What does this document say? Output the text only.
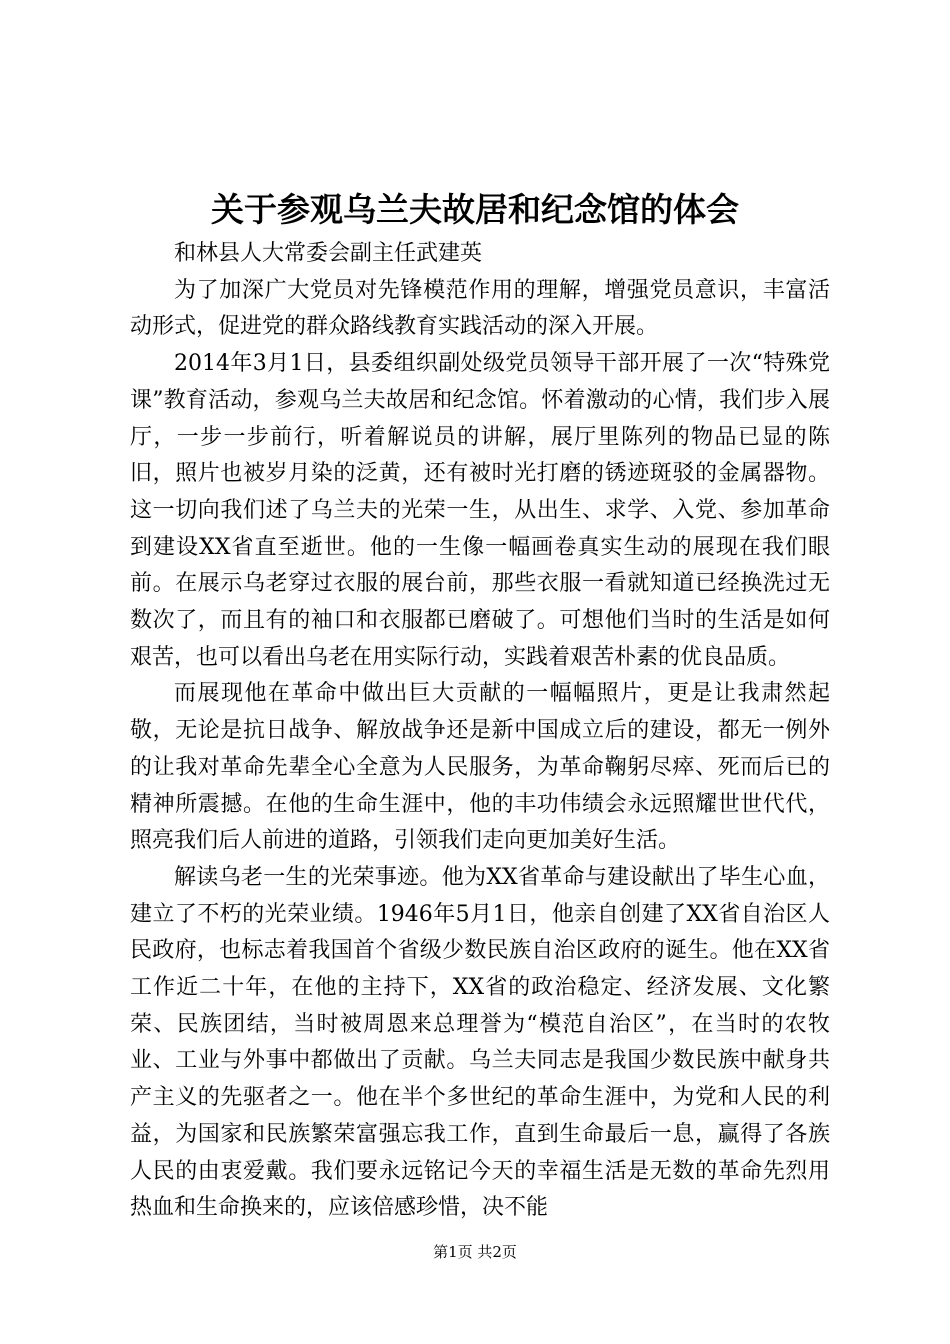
关于参观乌兰夫故居和纪念馆的体会

和林县人大常委会副主任武建英

为了加深广大党员对先锋模范作用的理解，增强党员意识，丰富活动形式，促进党的群众路线教育实践活动的深入开展。

2014年3月1日，县委组织副处级党员领导干部开展了一次“特殊党课”教育活动，参观乌兰夫故居和纪念馆。怀着激动的心情，我们步入展厅，一步一步前行，听着解说员的讲解，展厅里陈列的物品已显的陈旧，照片也被岁月染的泛黄，还有被时光打磨的锈迹斑驳的金属器物。这一切向我们述了乌兰夫的光荣一生，从出生、求学、入党、参加革命到建设XX省直至逝世。他的一生像一幅画卷真实生动的展现在我们眼前。在展示乌老穿过衣服的展台前，那些衣服一看就知道已经换洗过无数次了，而且有的袖口和衣服都已磨破了。可想他们当时的生活是如何艰苦，也可以看出乌老在用实际行动，实践着艰苦朴素的优良品质。

而展现他在革命中做出巨大贡献的一幅幅照片，更是让我肃然起敬，无论是抗日战争、解放战争还是新中国成立后的建设，都无一例外的让我对革命先辈全心全意为人民服务，为革命鞠躬尽瘁、死而后已的精神所震撼。在他的生命生涯中，他的丰功伟绩会永远照耀世世代代，照亮我们后人前进的道路，引领我们走向更加美好生活。

解读乌老一生的光荣事迹。他为XX省革命与建设献出了毕生心血，建立了不朽的光荣业绩。1946年5月1日，他亲自创建了XX省自治区人民政府，也标志着我国首个省级少数民族自治区政府的诞生。他在XX省工作近二十年，在他的主持下，XX省的政治稳定、经济发展、文化繁荣、民族团结，当时被周恩来总理誉为“模范自治区”，在当时的农牧业、工业与外事中都做出了贡献。乌兰夫同志是我国少数民族中献身共产主义的先驱者之一。他在半个多世纪的革命生涯中，为党和人民的利益，为国家和民族繁荣富强忘我工作，直到生命最后一息，赢得了各族人民的由衷爱戴。我们要永远铭记今天的幸福生活是无数的革命先烈用热血和生命换来的，应该倍感珍惜，决不能

第1页 共2页
